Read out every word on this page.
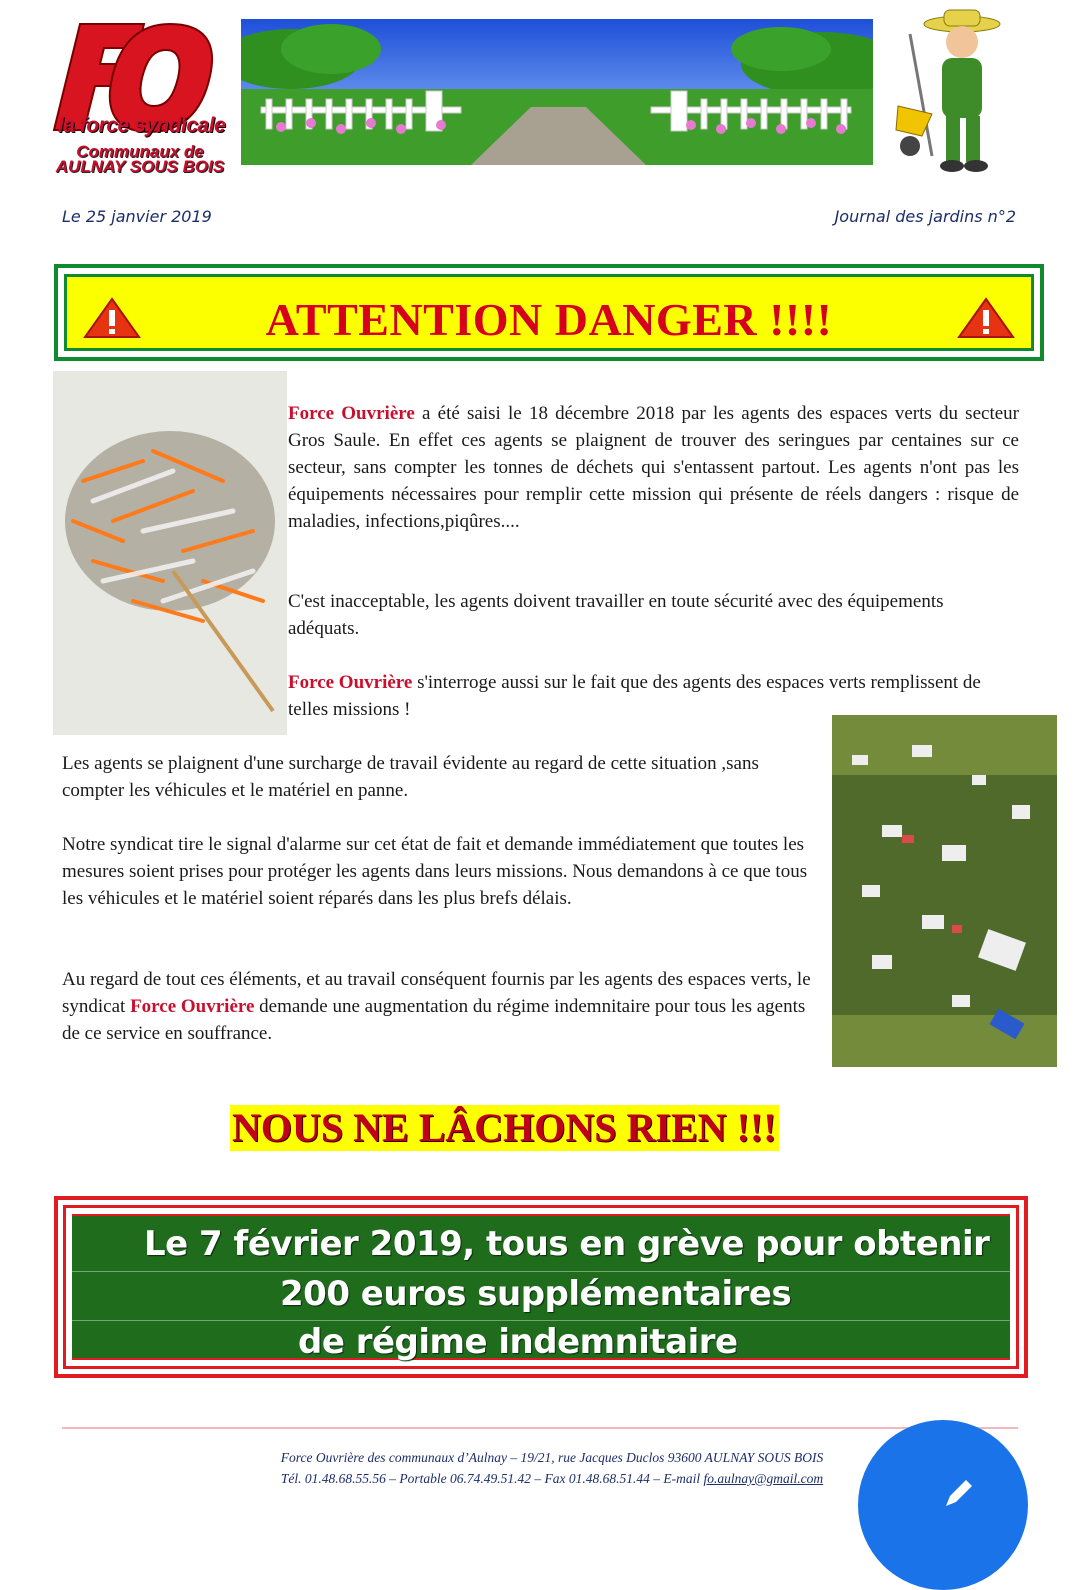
la force syndicale
Communaux de
AULNAY SOUS BOIS
Le 25 janvier 2019	Journal des jardins n°2
ATTENTION DANGER !!!!

Force Ouvrière a été saisi le 18 décembre 2018 par les agents des espaces verts du secteur Gros Saule. En effet ces agents se plaignent de trouver des seringues par centaines sur ce secteur, sans compter les tonnes de déchets qui s'entassent partout. Les agents n'ont pas les équipements nécessaires pour remplir cette mission qui présente de réels dangers : risque de maladies, infections,piqûres....

C'est inacceptable, les agents doivent travailler en toute sécurité avec des équipements adéquats.

Force Ouvrière s'interroge aussi sur le fait que des agents des espaces verts remplissent de telles missions !

Les agents se plaignent d'une surcharge de travail évidente au regard de cette situation ,sans compter les véhicules et le matériel en panne.
Notre syndicat tire le signal d'alarme sur cet état de fait et demande immédiatement que toutes les mesures soient prises pour protéger les agents dans leurs missions. Nous demandons à ce que tous les véhicules et le matériel soient réparés dans les plus brefs délais.

Au regard de tout ces éléments, et au travail conséquent fournis par les agents des espaces verts, le syndicat Force Ouvrière demande une augmentation du régime indemnitaire pour tous les agents de ce service en souffrance.

NOUS NE LÂCHONS RIEN !!!
Le 7 février 2019, tous en grève pour obtenir
200 euros supplémentaires
de régime indemnitaire
Force Ouvrière des communaux d’Aulnay – 19/21, rue Jacques Duclos 93600 AULNAY SOUS BOIS
Tél. 01.48.68.55.56 – Portable 06.74.49.51.42 – Fax 01.48.68.51.44 – E-mail fo.aulnay@gmail.com
